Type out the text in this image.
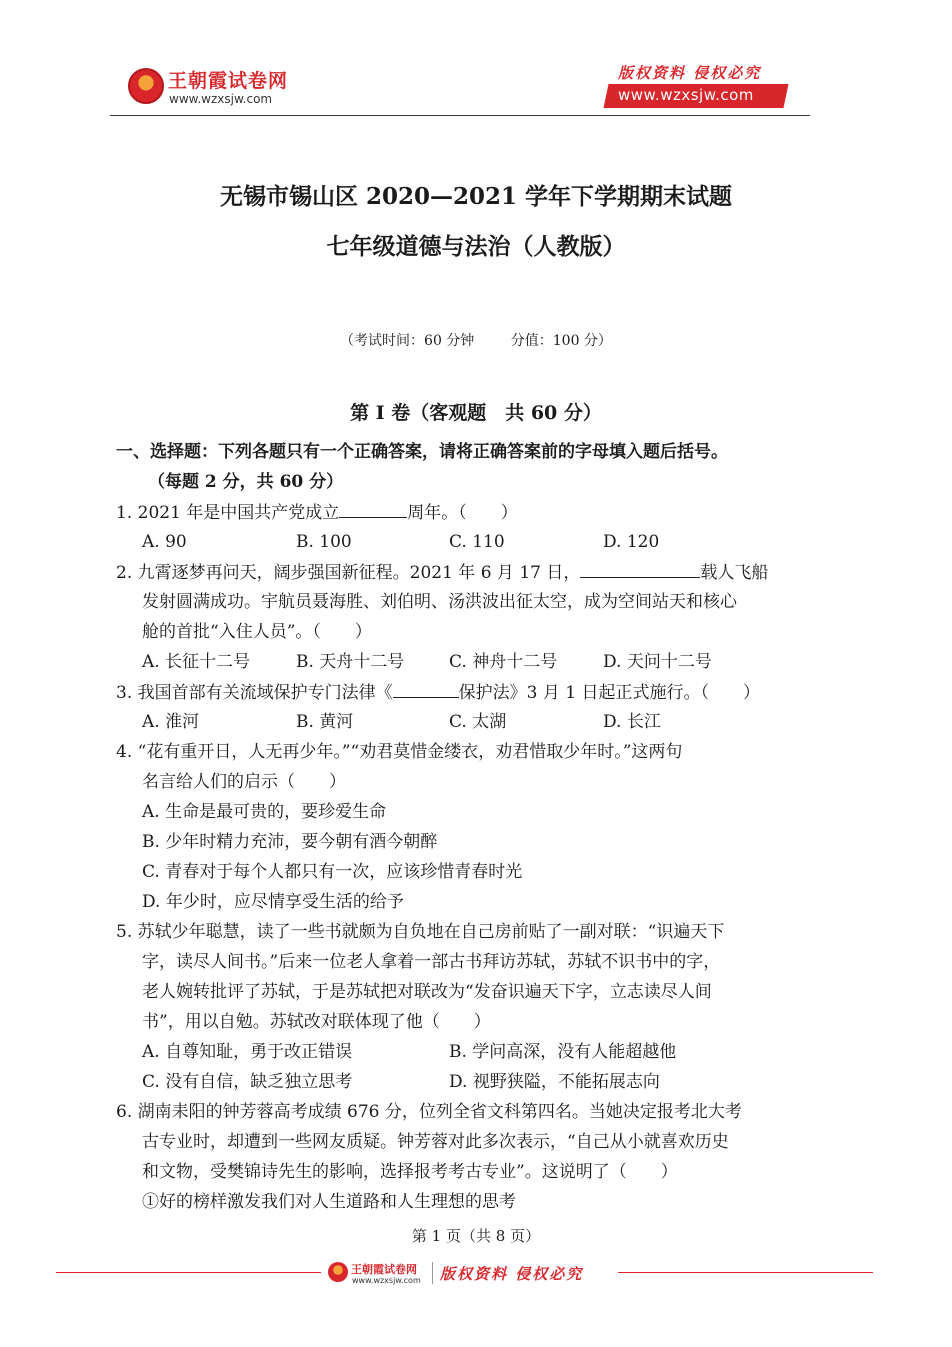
王朝霞试卷网
www.wzxsjw.com
版权资料 侵权必究
www.wzxsjw.com
无锡市锡山区 2020—2021 学年下学期期末试题
七年级道德与法治（人教版）
（考试时间：60 分钟	分值：100 分）
第 I 卷（客观题　共 60 分）
一、选择题：下列各题只有一个正确答案，请将正确答案前的字母填入题后括号。
（每题 2 分，共 60 分）
1. 2021 年是中国共产党成立	周年。（　　）
A. 90	B. 100	C. 110	D. 120
2. 九霄逐梦再问天，阔步强国新征程。2021 年 6 月 17 日，	载人飞船
发射圆满成功。宇航员聂海胜、刘伯明、汤洪波出征太空，成为空间站天和核心
舱的首批“入住人员”。（　　）
A. 长征十二号	B. 天舟十二号	C. 神舟十二号	D. 天问十二号
3. 我国首部有关流域保护专门法律《	保护法》3 月 1 日起正式施行。（　　）
A. 淮河	B. 黄河	C. 太湖	D. 长江
4. “花有重开日，人无再少年。”“劝君莫惜金缕衣，劝君惜取少年时。”这两句
名言给人们的启示（　　）
A. 生命是最可贵的，要珍爱生命
B. 少年时精力充沛，要今朝有酒今朝醉
C. 青春对于每个人都只有一次，应该珍惜青春时光
D. 年少时，应尽情享受生活的给予
5. 苏轼少年聪慧，读了一些书就颇为自负地在自己房前贴了一副对联：“识遍天下
字，读尽人间书。”后来一位老人拿着一部古书拜访苏轼，苏轼不识书中的字，
老人婉转批评了苏轼，于是苏轼把对联改为“发奋识遍天下字，立志读尽人间
书”，用以自勉。苏轼改对联体现了他（　　）
A. 自尊知耻，勇于改正错误	B. 学问高深，没有人能超越他
C. 没有自信，缺乏独立思考	D. 视野狭隘，不能拓展志向
6. 湖南耒阳的钟芳蓉高考成绩 676 分，位列全省文科第四名。当她决定报考北大考
古专业时，却遭到一些网友质疑。钟芳蓉对此多次表示，“自己从小就喜欢历史
和文物，受樊锦诗先生的影响，选择报考考古专业”。这说明了（　　）
①好的榜样激发我们对人生道路和人生理想的思考
第 1 页（共 8 页）
王朝霞试卷网
www.wzxsjw.com 版权资料 侵权必究
